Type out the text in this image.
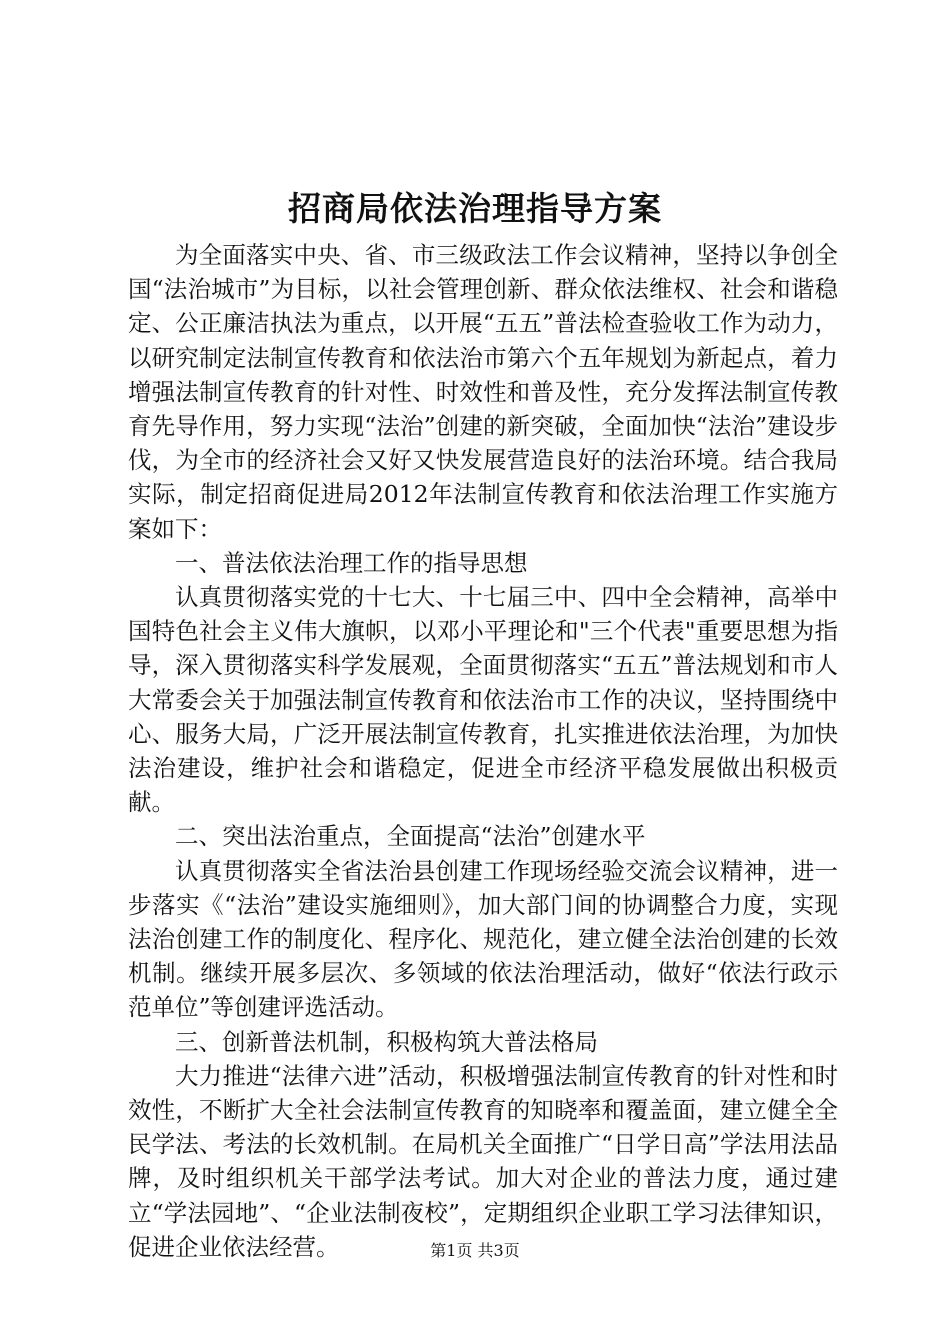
招商局依法治理指导方案

为全面落实中央、省、市三级政法工作会议精神，坚持以争创全国“法治城市”为目标，以社会管理创新、群众依法维权、社会和谐稳定、公正廉洁执法为重点，以开展“五五”普法检查验收工作为动力，以研究制定法制宣传教育和依法治市第六个五年规划为新起点，着力增强法制宣传教育的针对性、时效性和普及性，充分发挥法制宣传教育先导作用，努力实现“法治”创建的新突破，全面加快“法治”建设步伐，为全市的经济社会又好又快发展营造良好的法治环境。结合我局实际，制定招商促进局2012年法制宣传教育和依法治理工作实施方案如下：

一、普法依法治理工作的指导思想

认真贯彻落实党的十七大、十七届三中、四中全会精神，高举中国特色社会主义伟大旗帜，以邓小平理论和"三个代表"重要思想为指导，深入贯彻落实科学发展观，全面贯彻落实“五五”普法规划和市人大常委会关于加强法制宣传教育和依法治市工作的决议，坚持围绕中心、服务大局，广泛开展法制宣传教育，扎实推进依法治理，为加快法治建设，维护社会和谐稳定，促进全市经济平稳发展做出积极贡献。

二、突出法治重点，全面提高“法治”创建水平

认真贯彻落实全省法治县创建工作现场经验交流会议精神，进一步落实《“法治”建设实施细则》，加大部门间的协调整合力度，实现法治创建工作的制度化、程序化、规范化，建立健全法治创建的长效机制。继续开展多层次、多领域的依法治理活动，做好“依法行政示范单位”等创建评选活动。

三、创新普法机制，积极构筑大普法格局

大力推进“法律六进”活动，积极增强法制宣传教育的针对性和时效性，不断扩大全社会法制宣传教育的知晓率和覆盖面，建立健全全民学法、考法的长效机制。在局机关全面推广“日学日高”学法用法品牌，及时组织机关干部学法考试。加大对企业的普法力度，通过建立“学法园地”、“企业法制夜校”，定期组织企业职工学习法律知识，促进企业依法经营。	第1页 共3页
